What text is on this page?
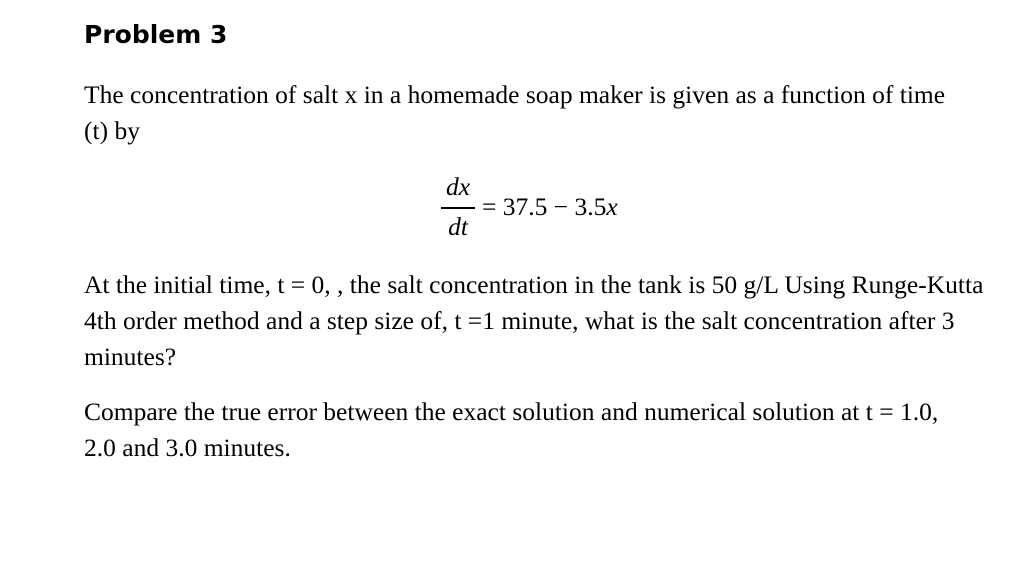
Problem 3

The concentration of salt x in a homemade soap maker is given as a function of time (t) by

dx
dt
= 37.5 − 3.5x

At the initial time, t = 0, , the salt concentration in the tank is 50 g/L Using Runge-Kutta 4th order method and a step size of, t =1 minute, what is the salt concentration after 3 minutes?

Compare the true error between the exact solution and numerical solution at t = 1.0, 2.0 and 3.0 minutes.
